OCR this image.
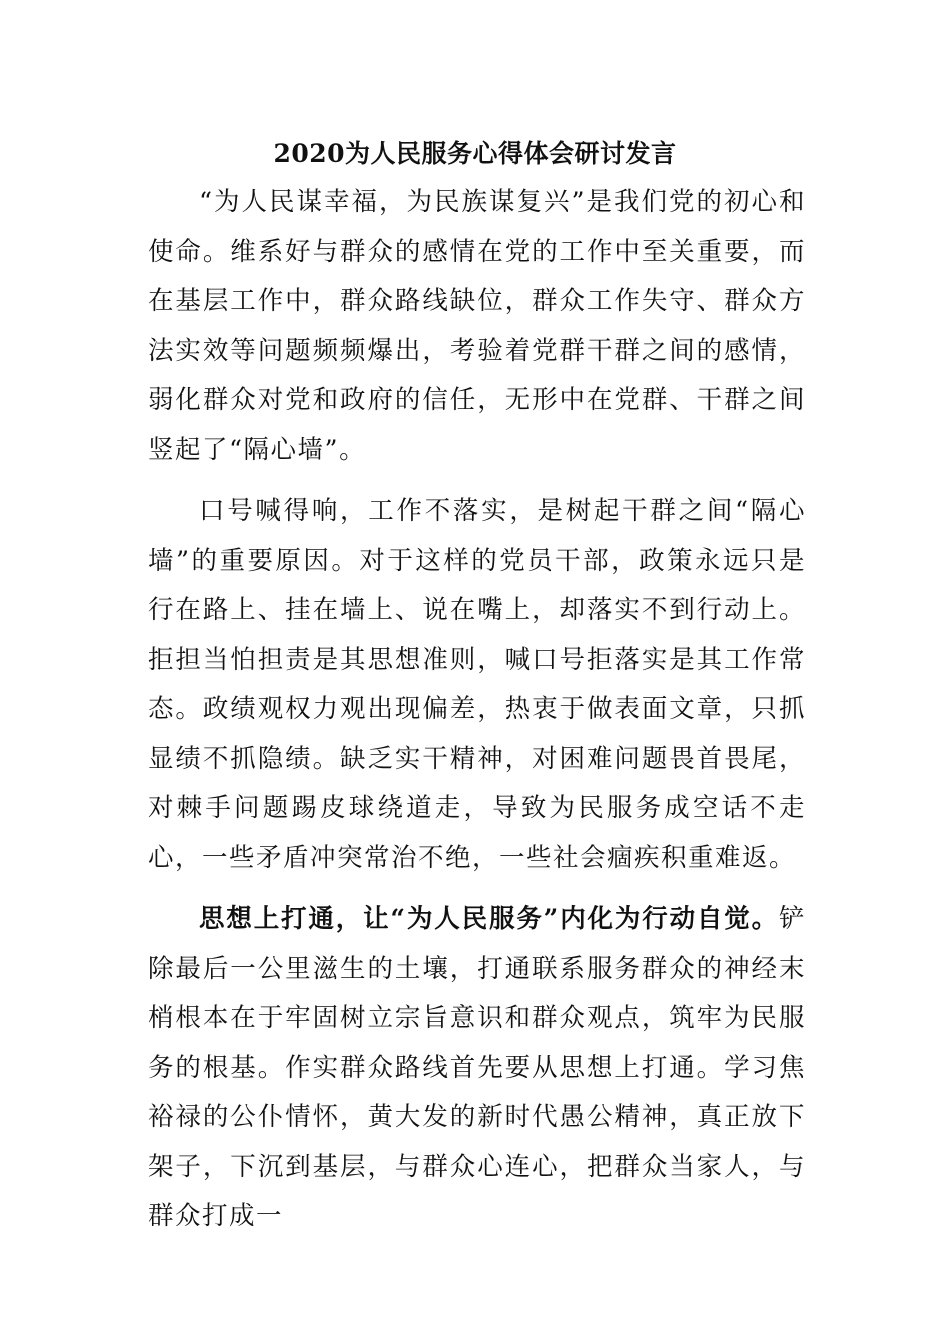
2020为人民服务心得体会研讨发言

“为人民谋幸福，为民族谋复兴”是我们党的初心和使命。维系好与群众的感情在党的工作中至关重要，而在基层工作中，群众路线缺位，群众工作失守、群众方法实效等问题频频爆出，考验着党群干群之间的感情，弱化群众对党和政府的信任，无形中在党群、干群之间竖起了“隔心墙”。

口号喊得响，工作不落实，是树起干群之间“隔心墙”的重要原因。对于这样的党员干部，政策永远只是行在路上、挂在墙上、说在嘴上，却落实不到行动上。拒担当怕担责是其思想准则，喊口号拒落实是其工作常态。政绩观权力观出现偏差，热衷于做表面文章，只抓显绩不抓隐绩。缺乏实干精神，对困难问题畏首畏尾，对棘手问题踢皮球绕道走，导致为民服务成空话不走心，一些矛盾冲突常治不绝，一些社会痼疾积重难返。

思想上打通，让“为人民服务”内化为行动自觉。铲除最后一公里滋生的土壤，打通联系服务群众的神经末梢根本在于牢固树立宗旨意识和群众观点，筑牢为民服务的根基。作实群众路线首先要从思想上打通。学习焦裕禄的公仆情怀，黄大发的新时代愚公精神，真正放下架子，下沉到基层，与群众心连心，把群众当家人，与群众打成一
